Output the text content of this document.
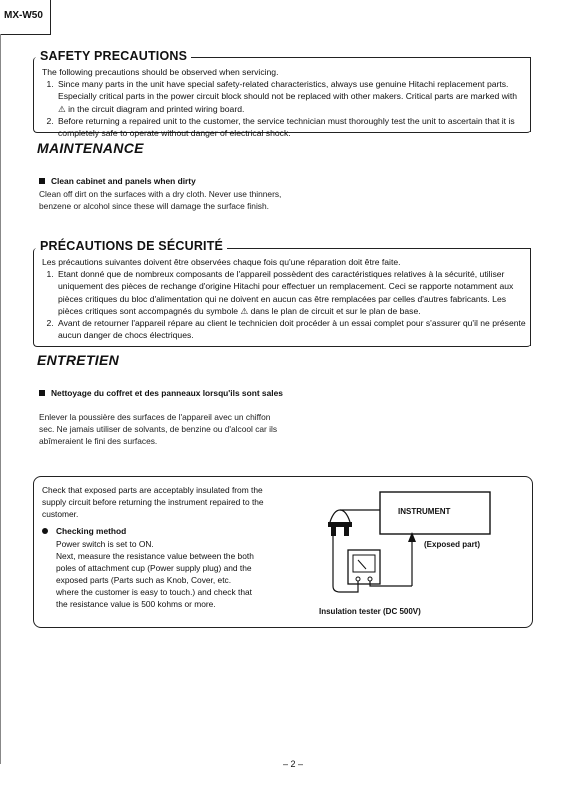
MX-W50
SAFETY PRECAUTIONS

The following precautions should be observed when servicing.

1. Since many parts in the unit have special safety-related characteristics, always use genuine Hitachi replacement parts. Especially critical parts in the power circuit block should not be replaced with other makers. Critical parts are marked with ⚠ in the circuit diagram and printed wiring board.
2. Before returning a repaired unit to the customer, the service technician must thoroughly test the unit to ascertain that it is completely safe to operate without danger of electrical shock.
MAINTENANCE
Clean cabinet and panels when dirty
Clean off dirt on the surfaces with a dry cloth. Never use thinners, benzene or alcohol since these will damage the surface finish.
PRÉCAUTIONS DE SÉCURITÉ

Les précautions suivantes doivent être observées chaque fois qu'une réparation doit être faite.

1. Etant donné que de nombreux composants de l'appareil possèdent des caractéristiques relatives à la sécurité, utiliser uniquement des pièces de rechange d'origine Hitachi pour effectuer un remplacement. Ceci se rapporte notamment aux pièces critiques du bloc d'alimentation qui ne doivent en aucun cas être remplacées par celles d'autres fabricants. Les pièces critiques sont accompagnés du symbole ⚠ dans le plan de circuit et sur le plan de base.
2. Avant de retourner l'appareil répare au client le technicien doit procéder à un essai complet pour s'assurer qu'il ne présente aucun danger de chocs électriques.
ENTRETIEN
Nettoyage du coffret et des panneaux lorsqu'ils sont sales
Enlever la poussière des surfaces de l'appareil avec un chiffon sec. Ne jamais utiliser de solvants, de benzine ou d'alcool car ils abîmeraient le fini des surfaces.
Check that exposed parts are acceptably insulated from the supply circuit before returning the instrument repaired to the customer.
Checking method
Power switch is set to ON.
Next, measure the resistance value between the both poles of attachment cup (Power supply plug) and the exposed parts (Parts such as Knob, Cover, etc. where the customer is easy to touch.) and check that the resistance value is 500 kohms or more.
INSTRUMENT
(Exposed part)
Insulation tester (DC 500V)
– 2 –
